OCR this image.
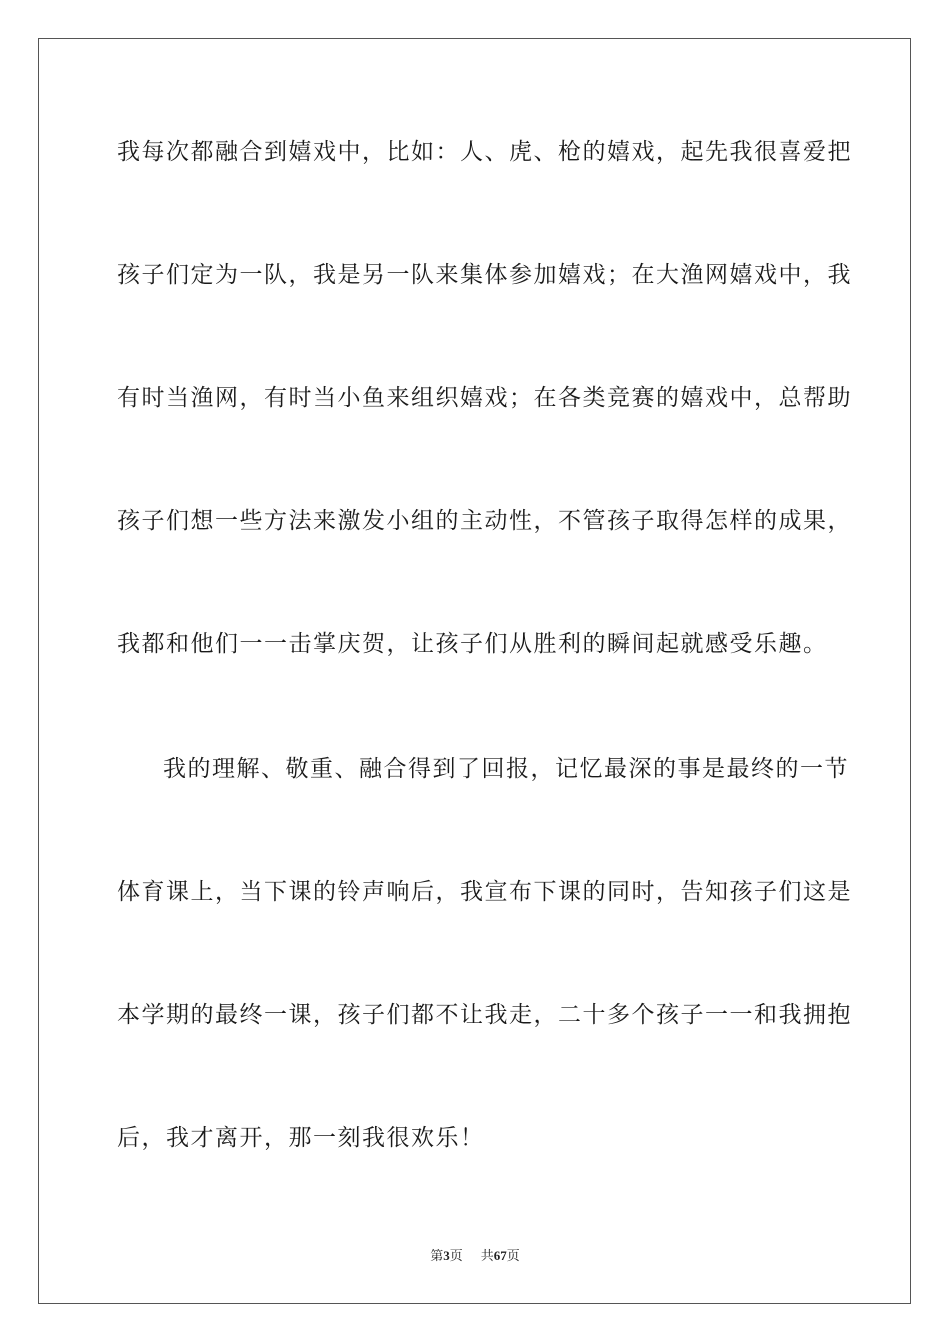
我每次都融合到嬉戏中，比如：人、虎、枪的嬉戏，起先我很喜爱把
孩子们定为一队，我是另一队来集体参加嬉戏；在大渔网嬉戏中，我
有时当渔网，有时当小鱼来组织嬉戏；在各类竞赛的嬉戏中，总帮助
孩子们想一些方法来激发小组的主动性，不管孩子取得怎样的成果，
我都和他们一一击掌庆贺，让孩子们从胜利的瞬间起就感受乐趣。
我的理解、敬重、融合得到了回报，记忆最深的事是最终的一节
体育课上，当下课的铃声响后，我宣布下课的同时，告知孩子们这是
本学期的最终一课，孩子们都不让我走，二十多个孩子一一和我拥抱
后，我才离开，那一刻我很欢乐！
第3页 共67页
